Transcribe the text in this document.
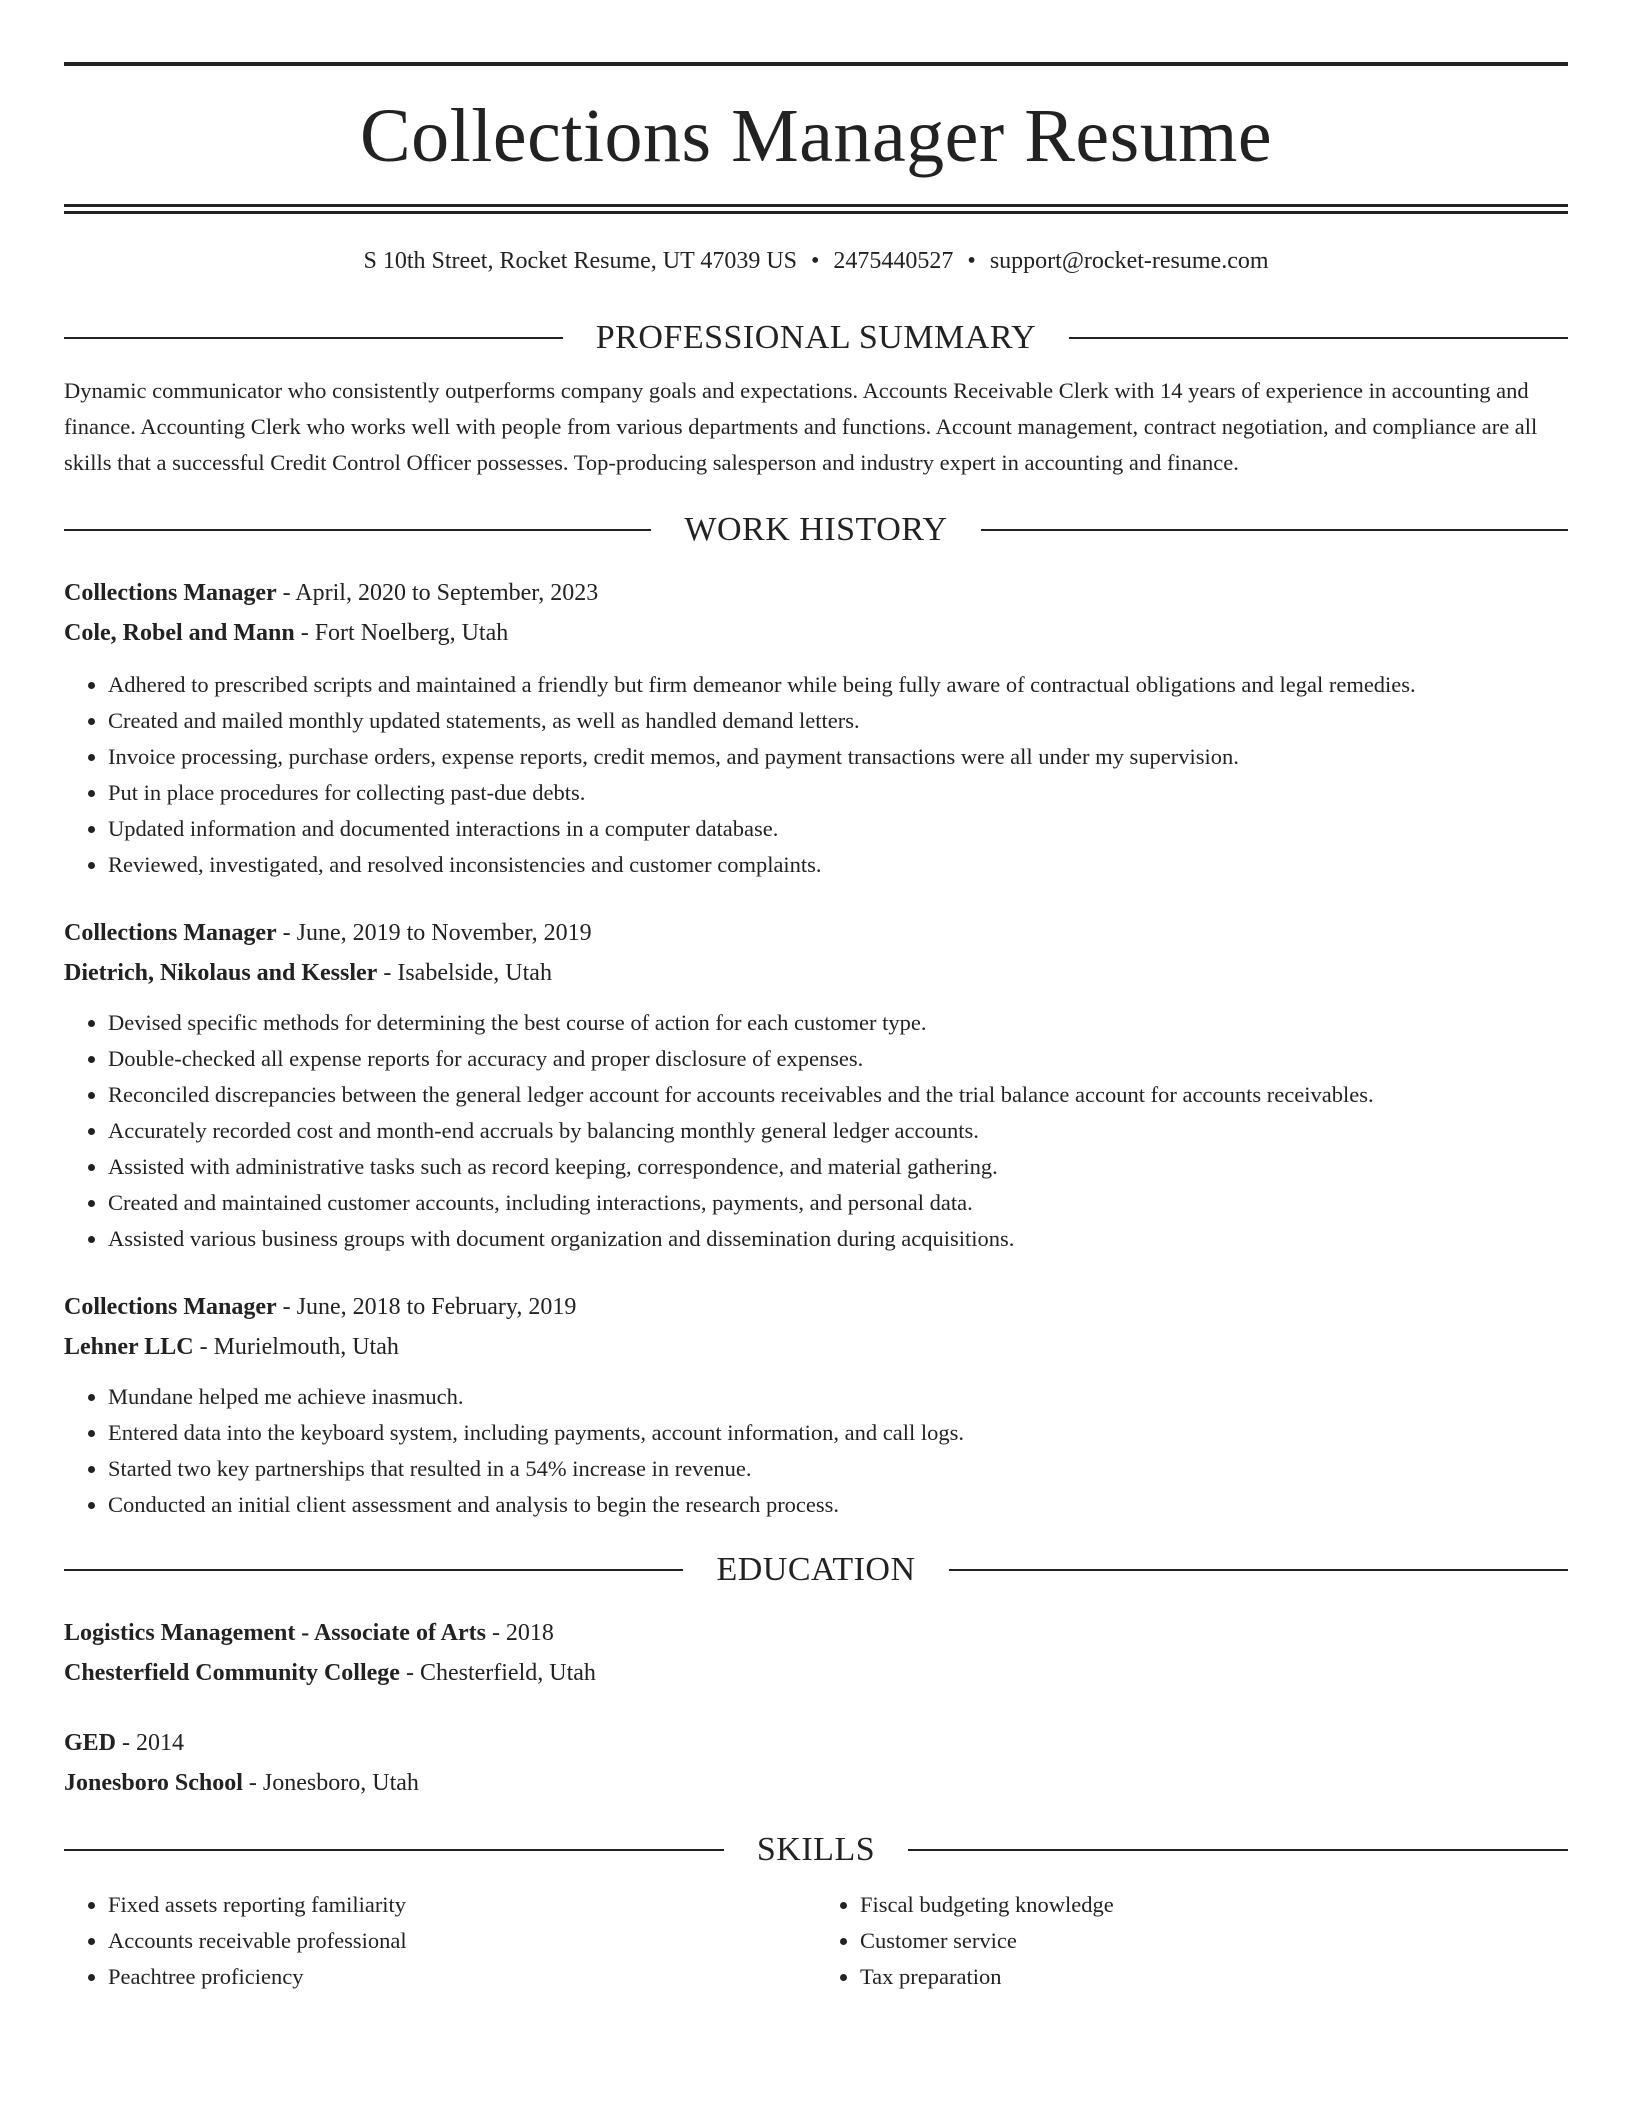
Collections Manager Resume
S 10th Street, Rocket Resume, UT 47039 US • 2475440527 • support@rocket-resume.com
PROFESSIONAL SUMMARY

Dynamic communicator who consistently outperforms company goals and expectations. Accounts Receivable Clerk with 14 years of experience in accounting and finance. Accounting Clerk who works well with people from various departments and functions. Account management, contract negotiation, and compliance are all skills that a successful Credit Control Officer possesses. Top-producing salesperson and industry expert in accounting and finance.

WORK HISTORY
Collections Manager - April, 2020 to September, 2023
Cole, Robel and Mann - Fort Noelberg, Utah
• Adhered to prescribed scripts and maintained a friendly but firm demeanor while being fully aware of contractual obligations and legal remedies.
• Created and mailed monthly updated statements, as well as handled demand letters.
• Invoice processing, purchase orders, expense reports, credit memos, and payment transactions were all under my supervision.
• Put in place procedures for collecting past-due debts.
• Updated information and documented interactions in a computer database.
• Reviewed, investigated, and resolved inconsistencies and customer complaints.
Collections Manager - June, 2019 to November, 2019
Dietrich, Nikolaus and Kessler - Isabelside, Utah
• Devised specific methods for determining the best course of action for each customer type.
• Double-checked all expense reports for accuracy and proper disclosure of expenses.
• Reconciled discrepancies between the general ledger account for accounts receivables and the trial balance account for accounts receivables.
• Accurately recorded cost and month-end accruals by balancing monthly general ledger accounts.
• Assisted with administrative tasks such as record keeping, correspondence, and material gathering.
• Created and maintained customer accounts, including interactions, payments, and personal data.
• Assisted various business groups with document organization and dissemination during acquisitions.
Collections Manager - June, 2018 to February, 2019
Lehner LLC - Murielmouth, Utah
• Mundane helped me achieve inasmuch.
• Entered data into the keyboard system, including payments, account information, and call logs.
• Started two key partnerships that resulted in a 54% increase in revenue.
• Conducted an initial client assessment and analysis to begin the research process.
EDUCATION
Logistics Management - Associate of Arts - 2018
Chesterfield Community College - Chesterfield, Utah
GED - 2014
Jonesboro School - Jonesboro, Utah
SKILLS
• Fixed assets reporting familiarity
• Accounts receivable professional
• Peachtree proficiency
• Fiscal budgeting knowledge
• Customer service
• Tax preparation
